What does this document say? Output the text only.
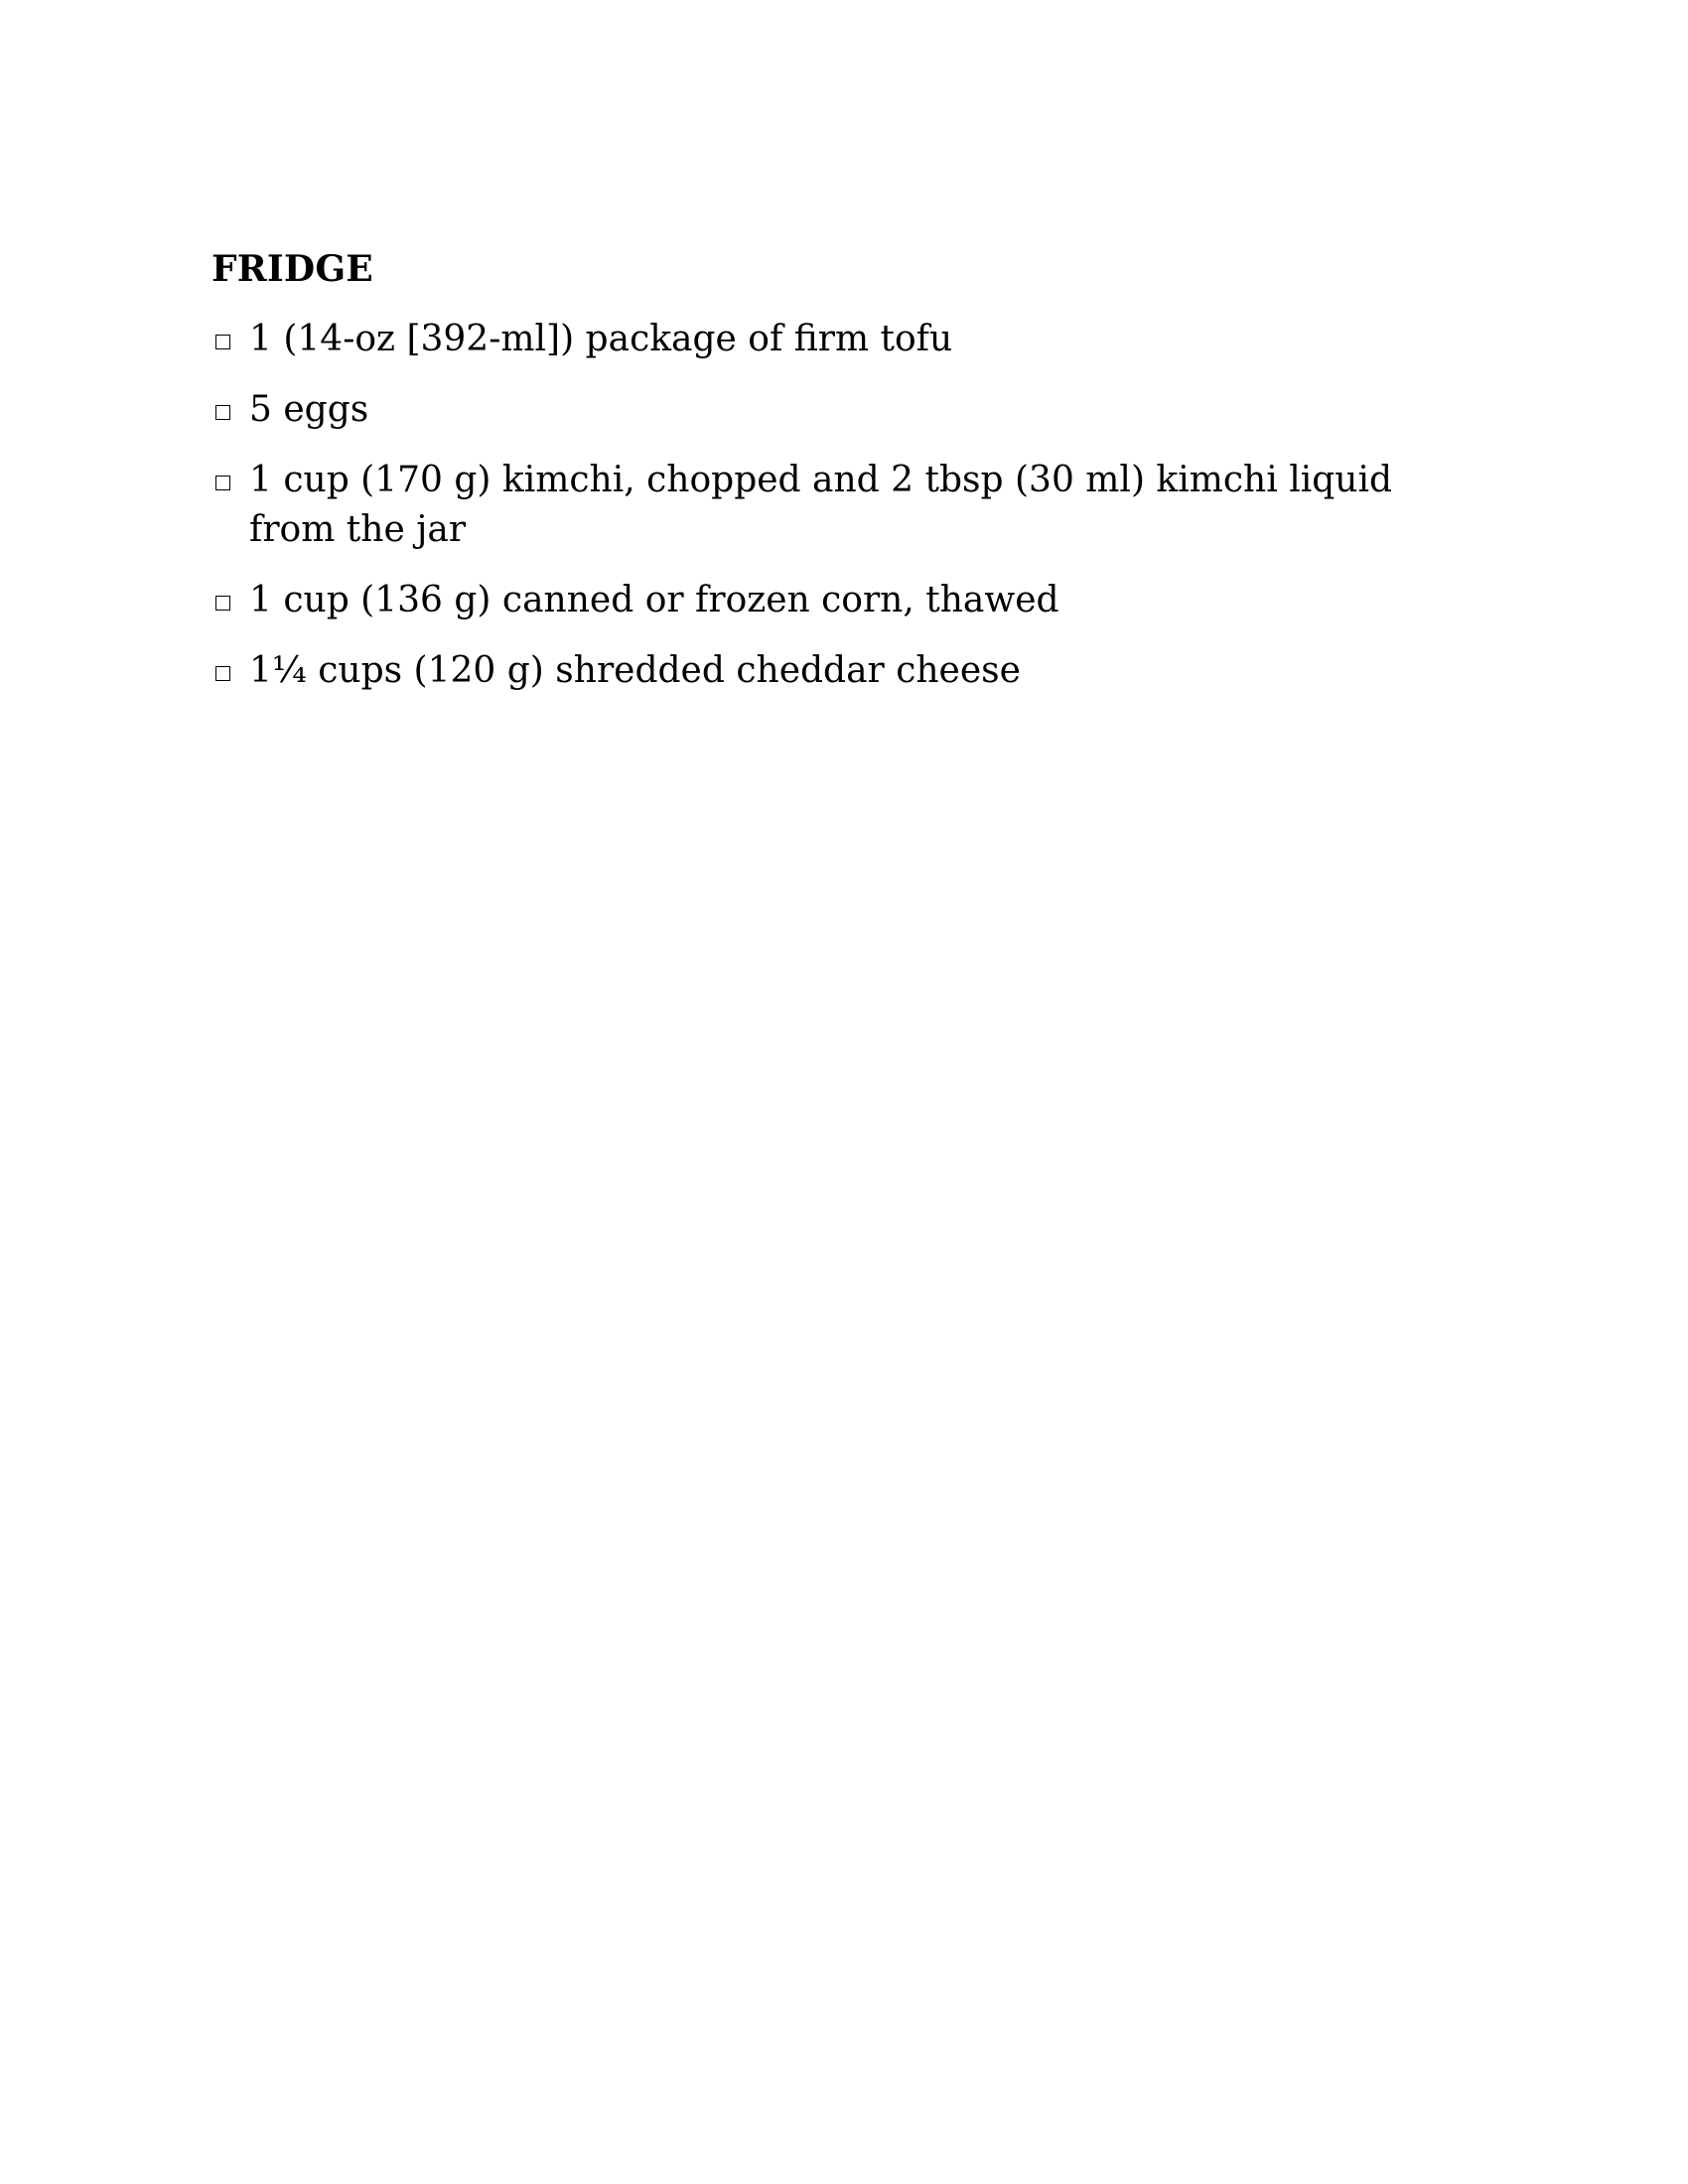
FRIDGE
1 (14-oz [392-ml]) package of firm tofu
5 eggs
1 cup (170 g) kimchi, chopped and 2 tbsp (30 ml) kimchi liquid from the jar
1 cup (136 g) canned or frozen corn, thawed
1¼ cups (120 g) shredded cheddar cheese
